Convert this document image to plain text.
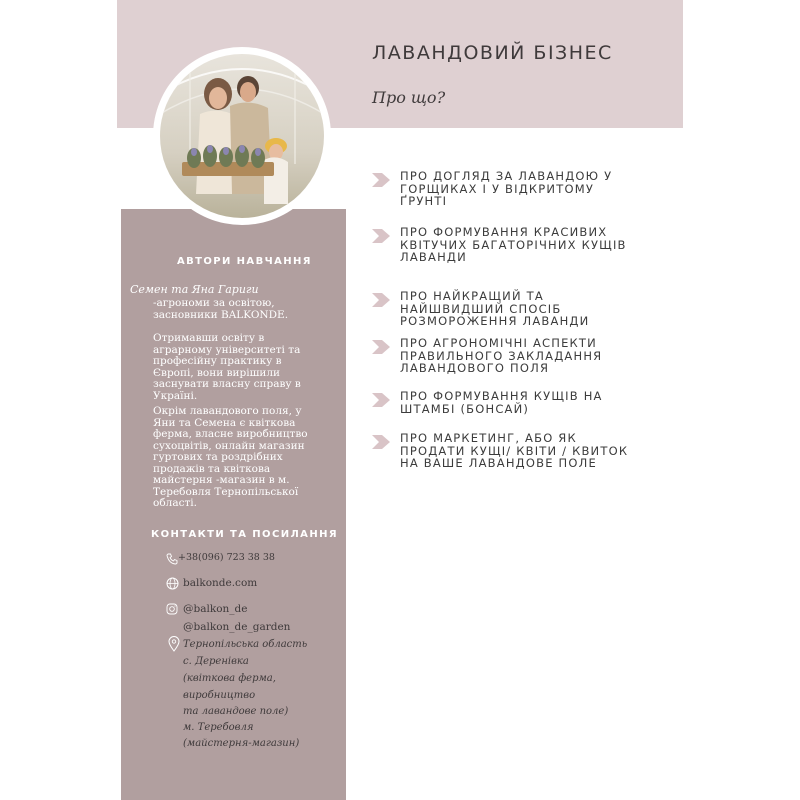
ЛАВАНДОВИЙ БІЗНЕС
Про що?
ПРО ДОГЛЯД ЗА ЛАВАНДОЮ У
ГОРЩИКАХ І У ВІДКРИТОМУ
ҐРУНТІ
ПРО ФОРМУВАННЯ КРАСИВИХ
КВІТУЧИХ БАГАТОРІЧНИХ КУЩІВ
ЛАВАНДИ
ПРО НАЙКРАЩИЙ ТА
НАЙШВИДШИЙ СПОСІБ
РОЗМОРОЖЕННЯ ЛАВАНДИ
ПРО АГРОНОМІЧНІ АСПЕКТИ
ПРАВИЛЬНОГО ЗАКЛАДАННЯ
ЛАВАНДОВОГО ПОЛЯ
ПРО ФОРМУВАННЯ КУЩІВ НА
ШТАМБІ (БОНСАЙ)
ПРО МАРКЕТИНГ, АБО ЯК
ПРОДАТИ КУЩІ/ КВІТИ / КВИТОК
НА ВАШЕ ЛАВАНДОВЕ ПОЛЕ
АВТОРИ НАВЧАННЯ
Семен та Яна Гариги
-агрономи за освітою,
засновники BALKONDE.
Отримавши освіту в
аграрному університеті та
професійну практику в
Європі, вони вирішили
заснувати власну справу в
Україні.
Окрім лавандового поля, у
Яни та Семена є квіткова
ферма, власне виробництво
сухоцвітів, онлайн магазин
гуртових та роздрібних
продажів та квіткова
майстерня -магазин в м.
Теребовля Тернопільської
області.
КОНТАКТИ ТА ПОСИЛАННЯ
+38(096) 723 38 38
balkonde.com
@balkon_de
@balkon_de_garden
Тернопільська область
с. Деренівка
(квіткова ферма,
виробництво
та лавандове поле)
м. Теребовля
(майстерня-магазин)
